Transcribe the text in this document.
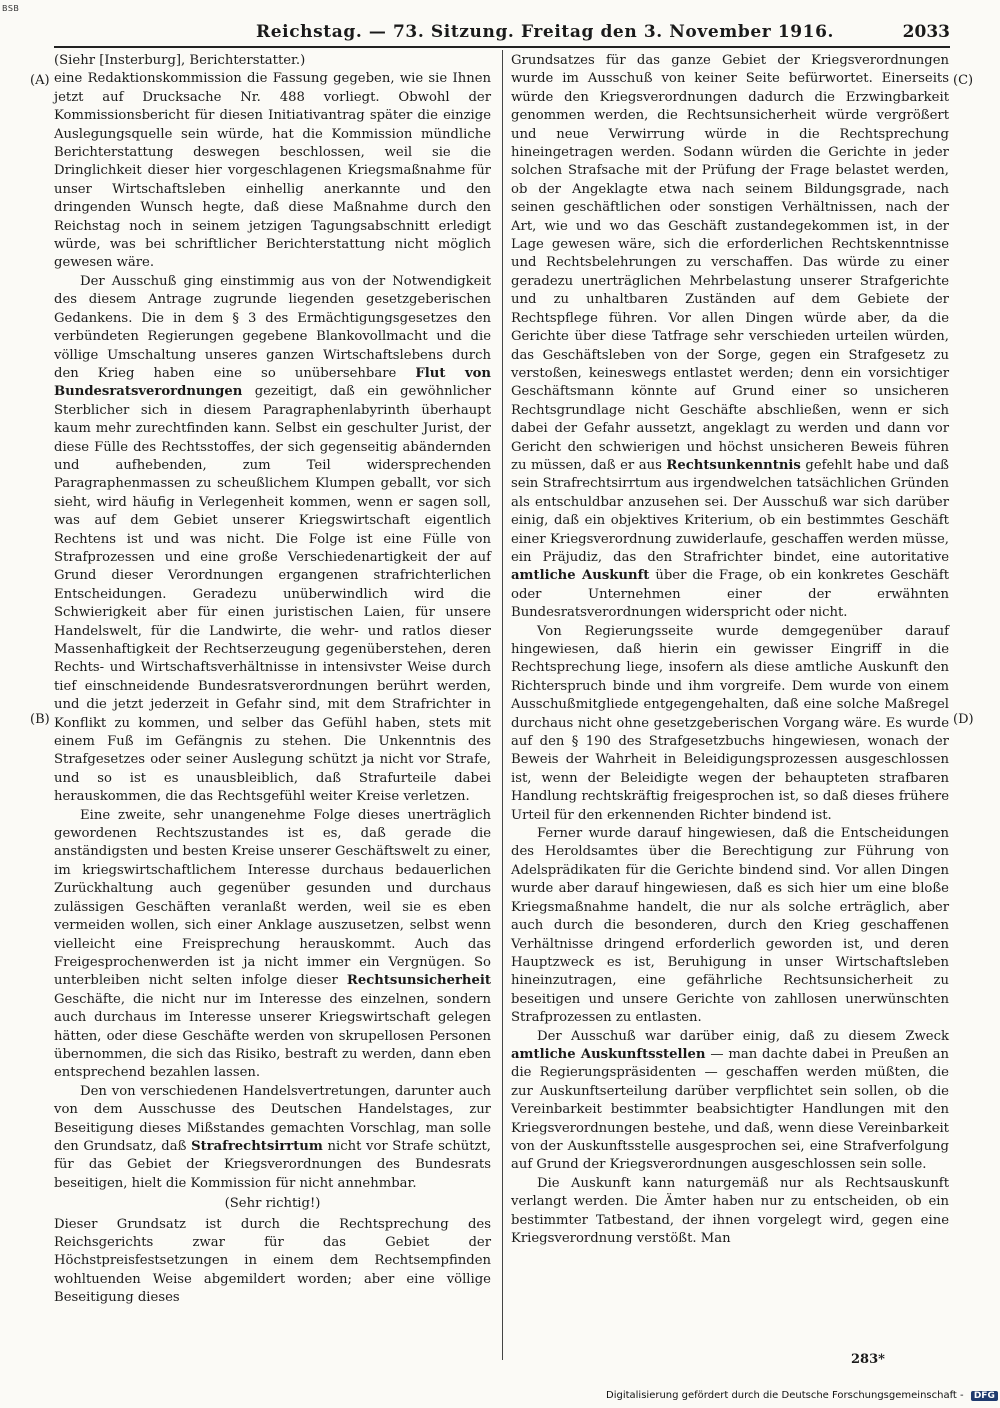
BSB
Reichstag. — 73. Sitzung. Freitag den 3. November 1916.	2033
(A)
(B)
(C)
(D)

(Siehr [Insterburg], Berichterstatter.)

eine Redaktionskommission die Fassung gegeben, wie sie Ihnen jetzt auf Drucksache Nr. 488 vorliegt. Obwohl der Kommissionsbericht für diesen Initiativantrag später die einzige Auslegungsquelle sein würde, hat die Kommission mündliche Berichterstattung deswegen beschlossen, weil sie die Dringlichkeit dieser hier vorgeschlagenen Kriegsmaßnahme für unser Wirtschaftsleben einhellig anerkannte und den dringenden Wunsch hegte, daß diese Maßnahme durch den Reichstag noch in seinem jetzigen Tagungsabschnitt erledigt würde, was bei schriftlicher Berichterstattung nicht möglich gewesen wäre.

Der Ausschuß ging einstimmig aus von der Notwendigkeit des diesem Antrage zugrunde liegenden gesetzgeberischen Gedankens. Die in dem § 3 des Ermächtigungsgesetzes den verbündeten Regierungen gegebene Blankovollmacht und die völlige Umschaltung unseres ganzen Wirtschaftslebens durch den Krieg haben eine so unübersehbare Flut von Bundesratsverordnungen gezeitigt, daß ein gewöhnlicher Sterblicher sich in diesem Paragraphenlabyrinth überhaupt kaum mehr zurechtfinden kann. Selbst ein geschulter Jurist, der diese Fülle des Rechtsstoffes, der sich gegenseitig abändernden und aufhebenden, zum Teil widersprechenden Paragraphenmassen zu scheußlichem Klumpen geballt, vor sich sieht, wird häufig in Verlegenheit kommen, wenn er sagen soll, was auf dem Gebiet unserer Kriegswirtschaft eigentlich Rechtens ist und was nicht. Die Folge ist eine Fülle von Strafprozessen und eine große Verschiedenartigkeit der auf Grund dieser Verordnungen ergangenen strafrichterlichen Entscheidungen. Geradezu unüberwindlich wird die Schwierigkeit aber für einen juristischen Laien, für unsere Handelswelt, für die Landwirte, die wehr- und ratlos dieser Massenhaftigkeit der Rechtserzeugung gegenüberstehen, deren Rechts- und Wirtschaftsverhältnisse in intensivster Weise durch tief einschneidende Bundesratsverordnungen berührt werden, und die jetzt jederzeit in Gefahr sind, mit dem Strafrichter in Konflikt zu kommen, und selber das Gefühl haben, stets mit einem Fuß im Gefängnis zu stehen. Die Unkenntnis des Strafgesetzes oder seiner Auslegung schützt ja nicht vor Strafe, und so ist es unausbleiblich, daß Strafurteile dabei herauskommen, die das Rechtsgefühl weiter Kreise verletzen.

Eine zweite, sehr unangenehme Folge dieses unerträglich gewordenen Rechtszustandes ist es, daß gerade die anständigsten und besten Kreise unserer Geschäftswelt zu einer, im kriegswirtschaftlichem Interesse durchaus bedauerlichen Zurückhaltung auch gegenüber gesunden und durchaus zulässigen Geschäften veranlaßt werden, weil sie es eben vermeiden wollen, sich einer Anklage auszusetzen, selbst wenn vielleicht eine Freisprechung herauskommt. Auch das Freigesprochenwerden ist ja nicht immer ein Vergnügen. So unterbleiben nicht selten infolge dieser Rechtsunsicherheit Geschäfte, die nicht nur im Interesse des einzelnen, sondern auch durchaus im Interesse unserer Kriegswirtschaft gelegen hätten, oder diese Geschäfte werden von skrupellosen Personen übernommen, die sich das Risiko, bestraft zu werden, dann eben entsprechend bezahlen lassen.

Den von verschiedenen Handelsvertretungen, darunter auch von dem Ausschusse des Deutschen Handelstages, zur Beseitigung dieses Mißstandes gemachten Vorschlag, man solle den Grundsatz, daß Strafrechtsirrtum nicht vor Strafe schützt, für das Gebiet der Kriegsverordnungen des Bundesrats beseitigen, hielt die Kommission für nicht annehmbar.

(Sehr richtig!)

Dieser Grundsatz ist durch die Rechtsprechung des Reichsgerichts zwar für das Gebiet der Höchstpreisfestsetzungen in einem dem Rechtsempfinden wohltuenden Weise abgemildert worden; aber eine völlige Beseitigung dieses

Grundsatzes für das ganze Gebiet der Kriegsverordnungen wurde im Ausschuß von keiner Seite befürwortet. Einerseits würde den Kriegsverordnungen dadurch die Erzwingbarkeit genommen werden, die Rechtsunsicherheit würde vergrößert und neue Verwirrung würde in die Rechtsprechung hineingetragen werden. Sodann würden die Gerichte in jeder solchen Strafsache mit der Prüfung der Frage belastet werden, ob der Angeklagte etwa nach seinem Bildungsgrade, nach seinen geschäftlichen oder sonstigen Verhältnissen, nach der Art, wie und wo das Geschäft zustandegekommen ist, in der Lage gewesen wäre, sich die erforderlichen Rechtskenntnisse und Rechtsbelehrungen zu verschaffen. Das würde zu einer geradezu unerträglichen Mehrbelastung unserer Strafgerichte und zu unhaltbaren Zuständen auf dem Gebiete der Rechtspflege führen. Vor allen Dingen würde aber, da die Gerichte über diese Tatfrage sehr verschieden urteilen würden, das Geschäftsleben von der Sorge, gegen ein Strafgesetz zu verstoßen, keineswegs entlastet werden; denn ein vorsichtiger Geschäftsmann könnte auf Grund einer so unsicheren Rechtsgrundlage nicht Geschäfte abschließen, wenn er sich dabei der Gefahr aussetzt, angeklagt zu werden und dann vor Gericht den schwierigen und höchst unsicheren Beweis führen zu müssen, daß er aus Rechtsunkenntnis gefehlt habe und daß sein Strafrechtsirrtum aus irgendwelchen tatsächlichen Gründen als entschuldbar anzusehen sei. Der Ausschuß war sich darüber einig, daß ein objektives Kriterium, ob ein bestimmtes Geschäft einer Kriegsverordnung zuwiderlaufe, geschaffen werden müsse, ein Präjudiz, das den Strafrichter bindet, eine autoritative amtliche Auskunft über die Frage, ob ein konkretes Geschäft oder Unternehmen einer der erwähnten Bundesratsverordnungen widerspricht oder nicht.

Von Regierungsseite wurde demgegenüber darauf hingewiesen, daß hierin ein gewisser Eingriff in die Rechtsprechung liege, insofern als diese amtliche Auskunft den Richterspruch binde und ihm vorgreife. Dem wurde von einem Ausschußmitgliede entgegengehalten, daß eine solche Maßregel durchaus nicht ohne gesetzgeberischen Vorgang wäre. Es wurde auf den § 190 des Strafgesetzbuchs hingewiesen, wonach der Beweis der Wahrheit in Beleidigungsprozessen ausgeschlossen ist, wenn der Beleidigte wegen der behaupteten strafbaren Handlung rechtskräftig freigesprochen ist, so daß dieses frühere Urteil für den erkennenden Richter bindend ist.

Ferner wurde darauf hingewiesen, daß die Entscheidungen des Heroldsamtes über die Berechtigung zur Führung von Adelsprädikaten für die Gerichte bindend sind. Vor allen Dingen wurde aber darauf hingewiesen, daß es sich hier um eine bloße Kriegsmaßnahme handelt, die nur als solche erträglich, aber auch durch die besonderen, durch den Krieg geschaffenen Verhältnisse dringend erforderlich geworden ist, und deren Hauptzweck es ist, Beruhigung in unser Wirtschaftsleben hineinzutragen, eine gefährliche Rechtsunsicherheit zu beseitigen und unsere Gerichte von zahllosen unerwünschten Strafprozessen zu entlasten.

Der Ausschuß war darüber einig, daß zu diesem Zweck amtliche Auskunftsstellen — man dachte dabei in Preußen an die Regierungspräsidenten — geschaffen werden müßten, die zur Auskunftserteilung darüber verpflichtet sein sollen, ob die Vereinbarkeit bestimmter beabsichtigter Handlungen mit den Kriegsverordnungen bestehe, und daß, wenn diese Vereinbarkeit von der Auskunftsstelle ausgesprochen sei, eine Strafverfolgung auf Grund der Kriegsverordnungen ausgeschlossen sein solle.

Die Auskunft kann naturgemäß nur als Rechtsauskunft verlangt werden. Die Ämter haben nur zu entscheiden, ob ein bestimmter Tatbestand, der ihnen vorgelegt wird, gegen eine Kriegsverordnung verstößt. Man

283*
Digitalisierung gefördert durch die Deutsche Forschungsgemeinschaft - DFG
